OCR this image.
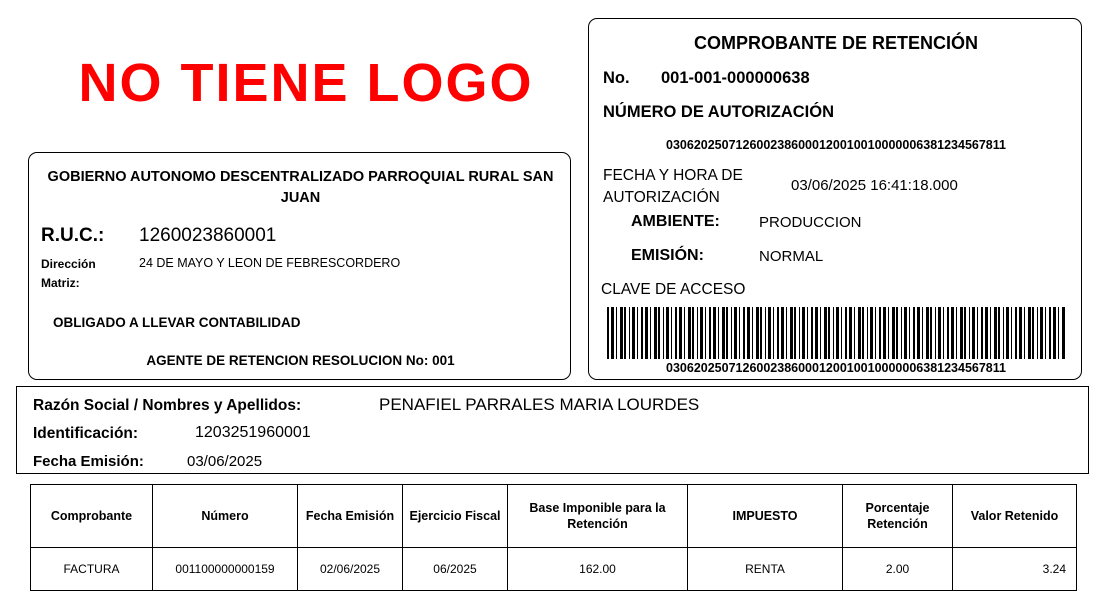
NO TIENE LOGO
GOBIERNO AUTONOMO DESCENTRALIZADO PARROQUIAL RURAL SAN JUAN
R.U.C.: 1260023860001
Dirección Matriz:
24 DE MAYO Y LEON DE FEBRESCORDERO
OBLIGADO A LLEVAR CONTABILIDAD
AGENTE DE RETENCION RESOLUCION No: 001
COMPROBANTE DE RETENCIÓN
No. 001-001-000000638
NÚMERO DE AUTORIZACIÓN
0306202507126002386000120010010000006381234567811
FECHA Y HORA DE AUTORIZACIÓN
03/06/2025 16:41:18.000
AMBIENTE:	PRODUCCION
EMISIÓN:	NORMAL
CLAVE DE ACCESO
0306202507126002386000120010010000006381234567811
Razón Social / Nombres y Apellidos:	PENAFIEL PARRALES MARIA LOURDES
Identificación:	1203251960001
Fecha Emisión:	03/06/2025
Comprobante	Número	Fecha Emisión	Ejercicio Fiscal	Base Imponible para la Retención	IMPUESTO	Porcentaje Retención	Valor Retenido
FACTURA	001100000000159	02/06/2025	06/2025	162.00	RENTA	2.00	3.24
